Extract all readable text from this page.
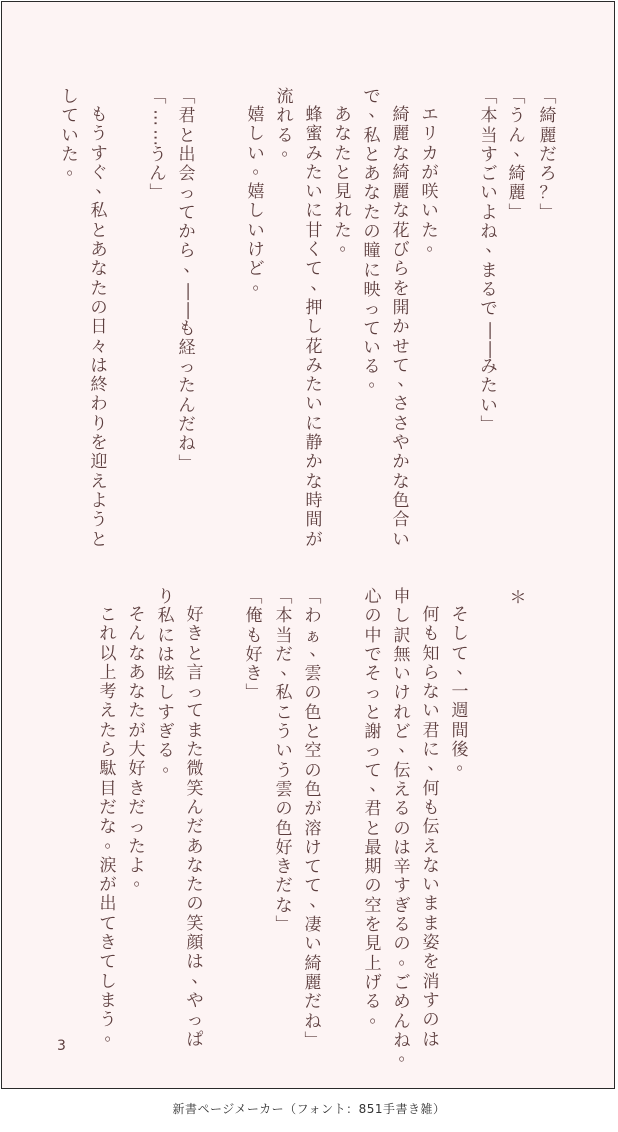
﹁
綺
麗
だ
ろ
？
﹂
﹁
う
ん
、
綺
麗
﹂
﹁
本
当
す
ご
い
よ
ね
、
ま
る
で
―
―
み
た
い
﹂
エ
リ
カ
が
咲
い
た
。
綺
麗
な
綺
麗
な
花
び
ら
を
開
か
せ
て
、
さ
さ
や
か
な
色
合
い
で
、
私
と
あ
な
た
の
瞳
に
映
っ
て
い
る
。
あ
な
た
と
見
れ
た
。
蜂
蜜
み
た
い
に
甘
く
て
、
押
し
花
み
た
い
に
静
か
な
時
間
が
流
れ
る
。
嬉
し
い
。
嬉
し
い
け
ど
。
﹁
君
と
出
会
っ
て
か
ら
、
―
―
も
経
っ
た
ん
だ
ね
﹂
﹁
…
…
う
ん
﹂
も
う
す
ぐ
、
私
と
あ
な
た
の
日
々
は
終
わ
り
を
迎
え
よ
う
と
し
て
い
た
。
＊
そ
し
て
、
一
週
間
後
。
何
も
知
ら
な
い
君
に
、
何
も
伝
え
な
い
ま
ま
姿
を
消
す
の
は
申
し
訳
無
い
け
れ
ど
、
伝
え
る
の
は
辛
す
ぎ
る
の
。
ご
め
ん
ね
。
心
の
中
で
そ
っ
と
謝
っ
て
、
君
と
最
期
の
空
を
見
上
げ
る
。
﹁
わ
ぁ
、
雲
の
色
と
空
の
色
が
溶
け
て
て
、
凄
い
綺
麗
だ
ね
﹂
﹁
本
当
だ
、
私
こ
う
い
う
雲
の
色
好
き
だ
な
﹂
﹁
俺
も
好
き
﹂
好
き
と
言
っ
て
ま
た
微
笑
ん
だ
あ
な
た
の
笑
顔
は
、
や
っ
ぱ
り
私
に
は
眩
し
す
ぎ
る
。
そ
ん
な
あ
な
た
が
大
好
き
だ
っ
た
よ
。
こ
れ
以
上
考
え
た
ら
駄
目
だ
な
。
涙
が
出
て
き
て
し
ま
う
。
3
新書ページメーカー（フォント：851手書き雑）
